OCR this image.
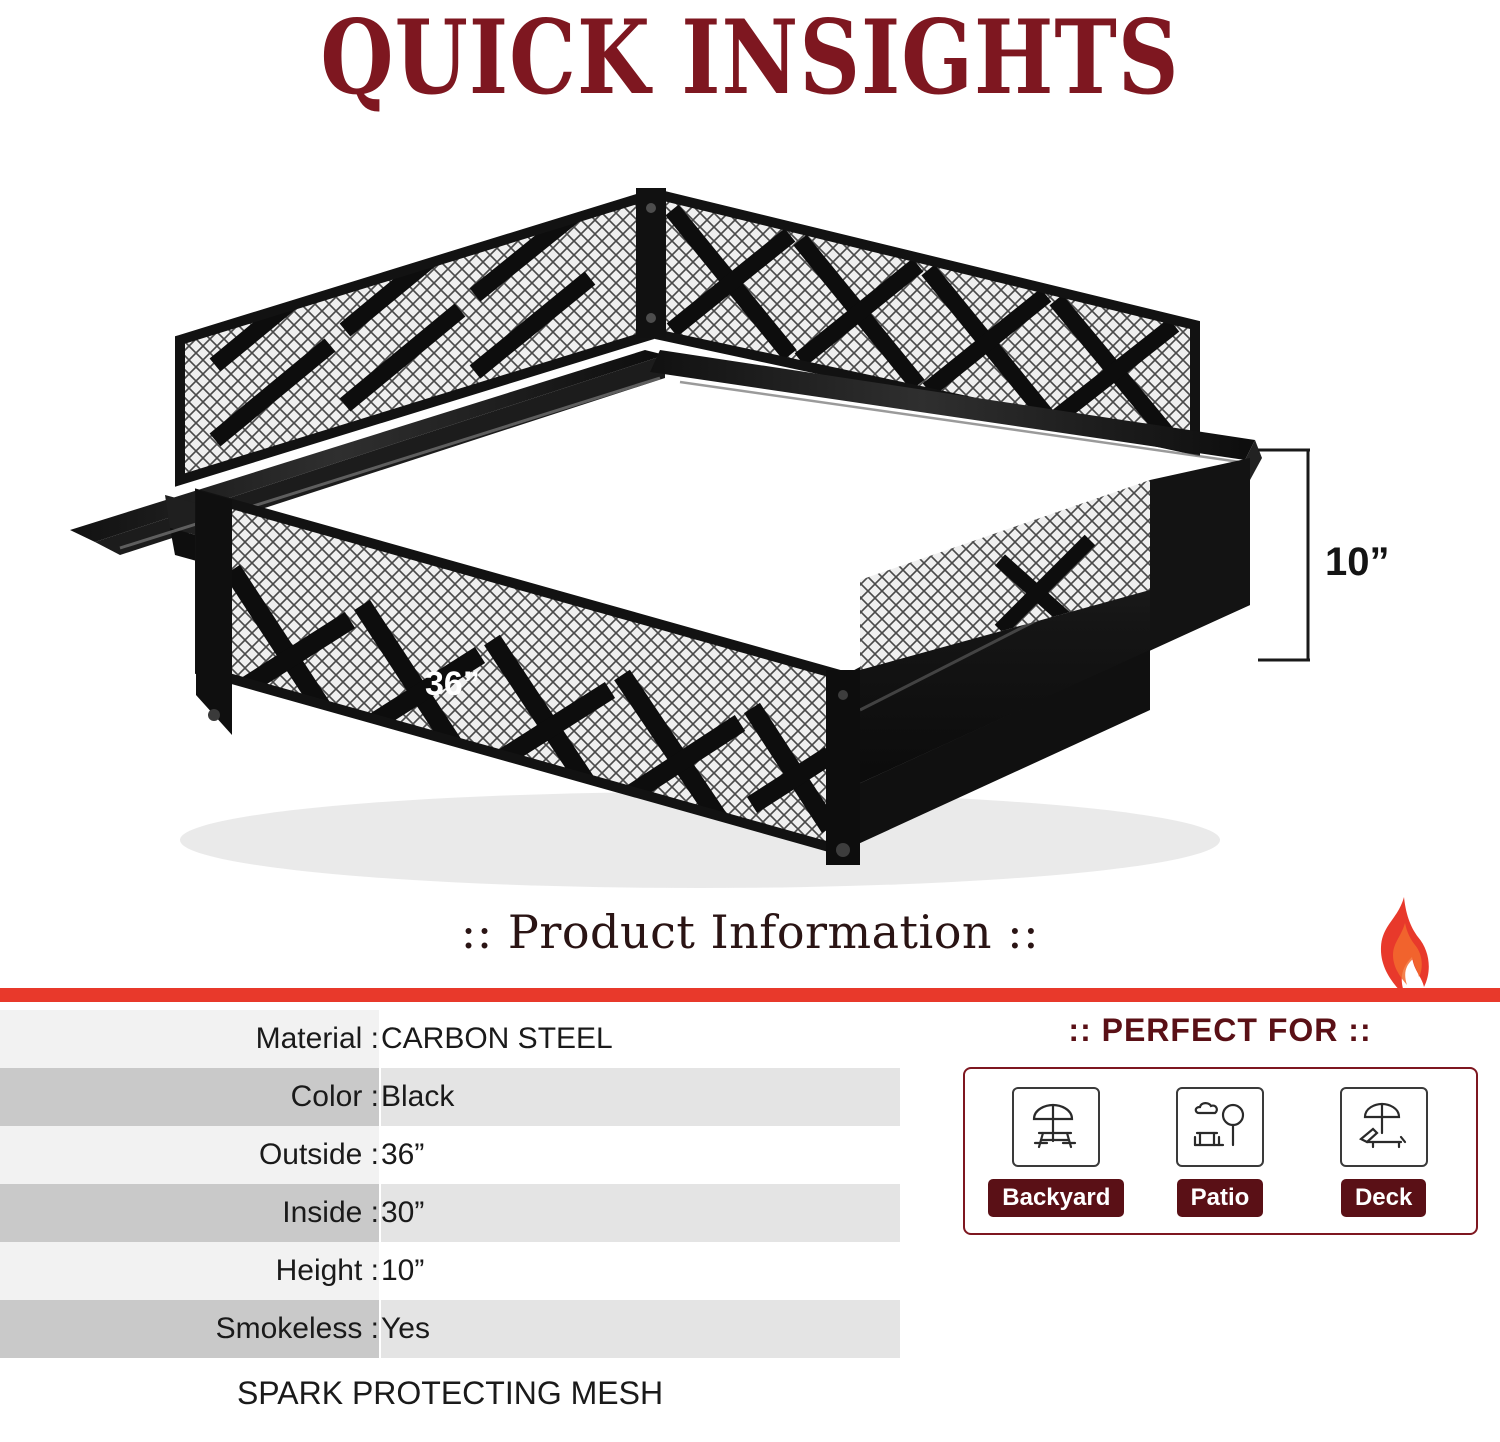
QUICK INSIGHTS
30”
36”
10”
:: Product Information ::
Material :	CARBON STEEL
Color :	Black
Outside :	36”
Inside :	30”
Height :	10”
Smokeless :	Yes
:: PERFECT FOR ::
Backyard	Patio	Deck
SPARK PROTECTING MESH
